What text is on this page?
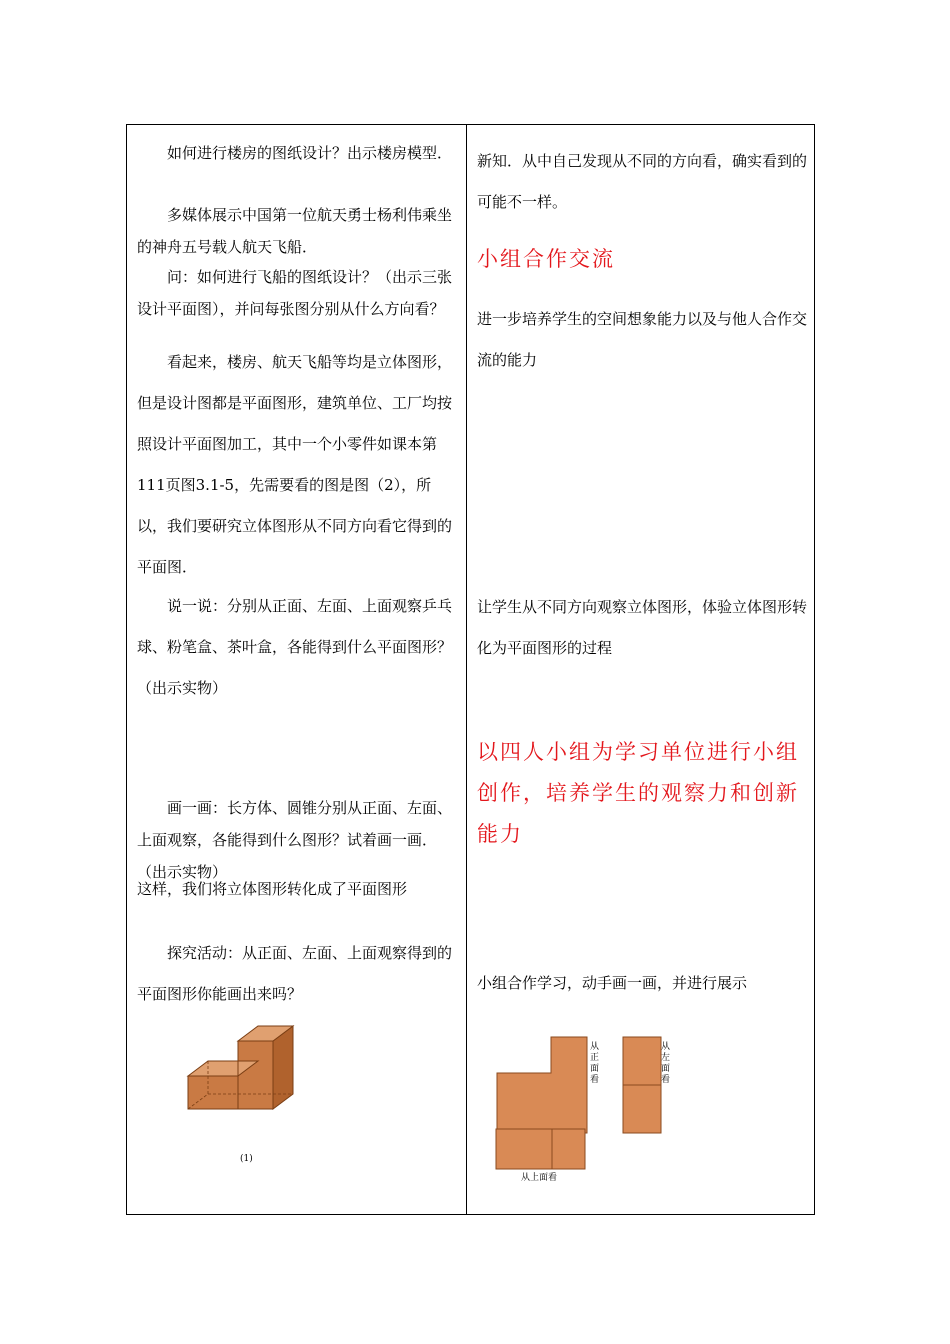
如何进行楼房的图纸设计？出示楼房模型．
多媒体展示中国第一位航天勇士杨利伟乘坐的神舟五号载人航天飞船．
问：如何进行飞船的图纸设计？（出示三张设计平面图），并问每张图分别从什么方向看？
看起来，楼房、航天飞船等均是立体图形，但是设计图都是平面图形，建筑单位、工厂均按照设计平面图加工，其中一个小零件如课本第111页图3.1-5，先需要看的图是图（2），所以，我们要研究立体图形从不同方向看它得到的平面图．
说一说：分别从正面、左面、上面观察乒乓球、粉笔盒、茶叶盒，各能得到什么平面图形？（出示实物）
画一画：长方体、圆锥分别从正面、左面、上面观察，各能得到什么图形？试着画一画．（出示实物）
这样，我们将立体图形转化成了平面图形
探究活动：从正面、左面、上面观察得到的平面图形你能画出来吗？
(1)
新知．从中自己发现从不同的方向看，确实看到的可能不一样。
小组合作交流
进一步培养学生的空间想象能力以及与他人合作交流的能力
让学生从不同方向观察立体图形，体验立体图形转化为平面图形的过程
以四人小组为学习单位进行小组创作，培养学生的观察力和创新能力
小组合作学习，动手画一画，并进行展示
从上面看
从正面看
从左面看
